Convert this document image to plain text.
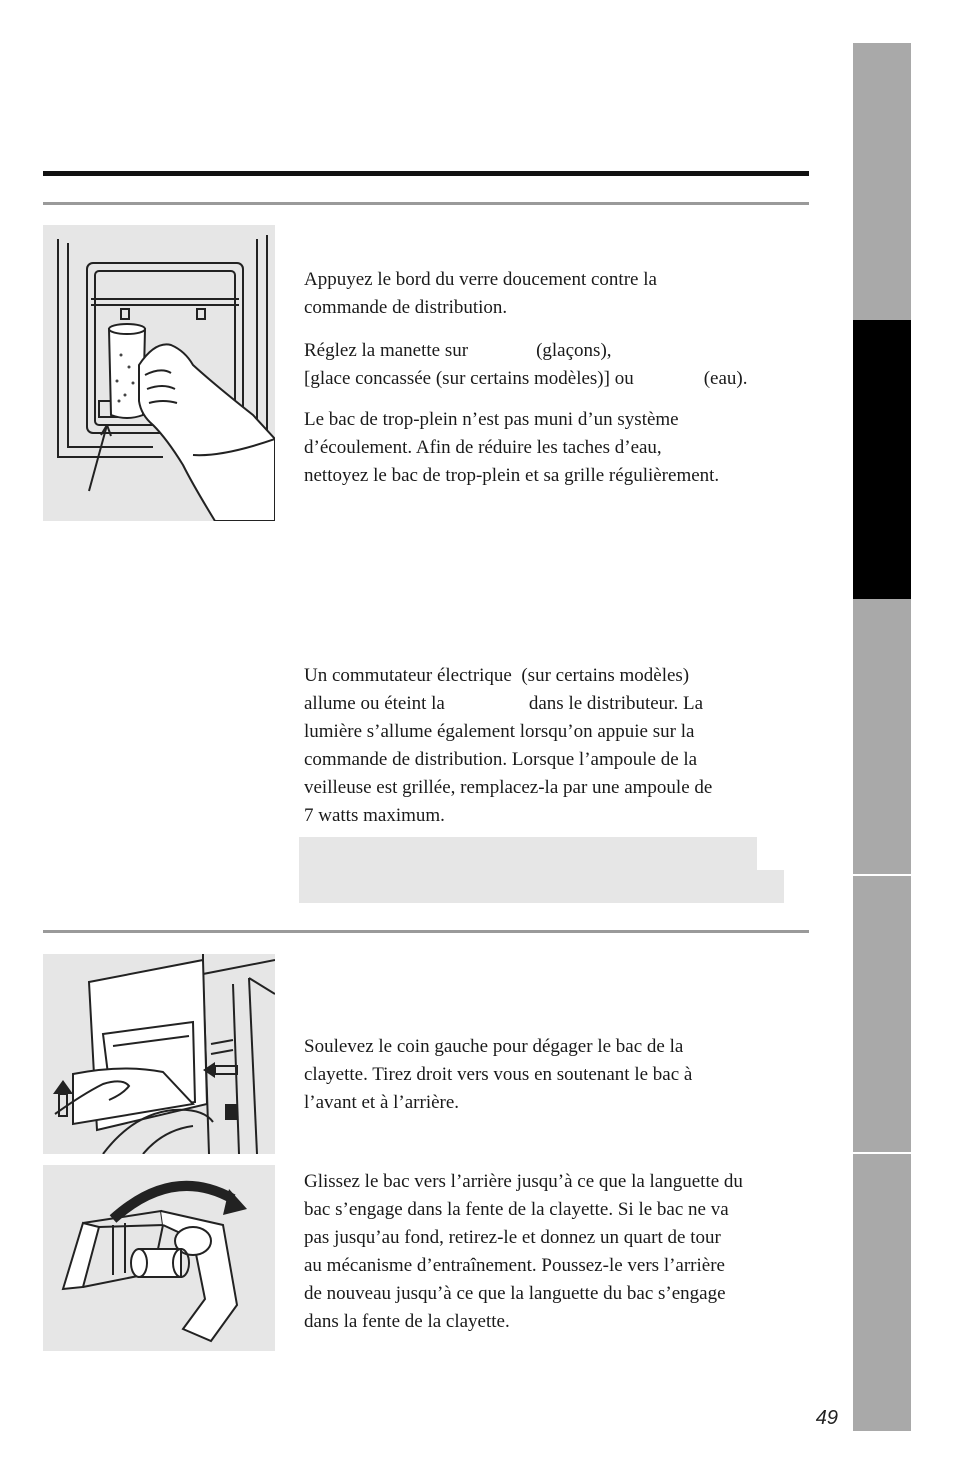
Appuyez le bord du verre doucement contre la
commande de distribution.

Réglez la manette sur	(glaçons),
[glace concassée (sur certains modèles)] ou	(eau).

Le bac de trop-plein n’est pas muni d’un système
d’écoulement. Afin de réduire les taches d’eau,
nettoyez le bac de trop-plein et sa grille régulièrement.

Un commutateur électrique  (sur certains modèles)
allume ou éteint la	dans le distributeur. La
lumière s’allume également lorsqu’on appuie sur la
commande de distribution. Lorsque l’ampoule de la
veilleuse est grillée, remplacez-la par une ampoule de
7 watts maximum.

Soulevez le coin gauche pour dégager le bac de la
clayette. Tirez droit vers vous en soutenant le bac à
l’avant et à l’arrière.

Glissez le bac vers l’arrière jusqu’à ce que la languette du
bac s’engage dans la fente de la clayette. Si le bac ne va
pas jusqu’au fond, retirez-le et donnez un quart de tour
au mécanisme d’entraînement. Poussez-le vers l’arrière
de nouveau jusqu’à ce que la languette du bac s’engage
dans la fente de la clayette.

49
